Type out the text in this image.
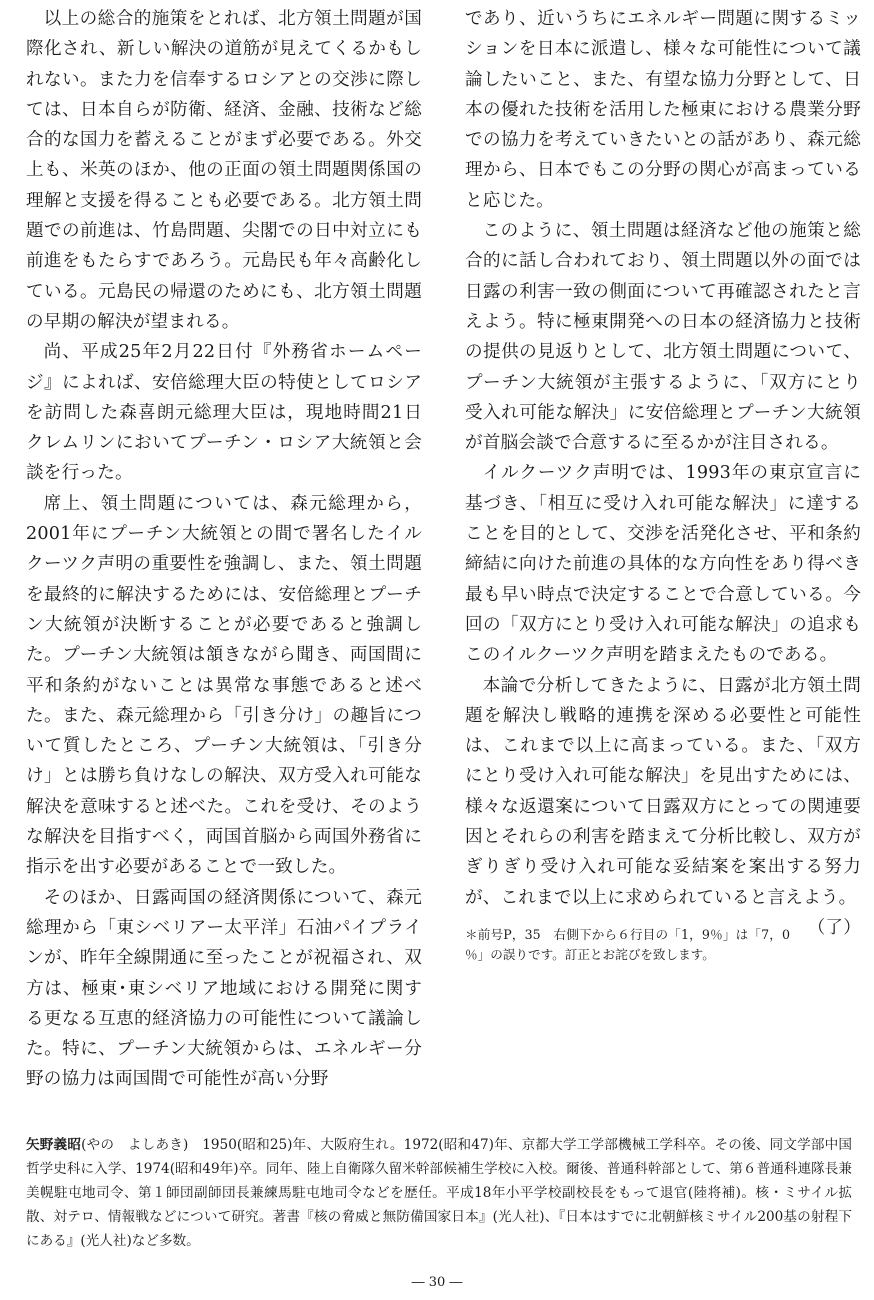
以上の総合的施策をとれば、北方領土問題が国際化され、新しい解決の道筋が見えてくるかもしれない。また力を信奉するロシアとの交渉に際しては、日本自らが防衛、経済、金融、技術など総合的な国力を蓄えることがまず必要である。外交上も、米英のほか、他の正面の領土問題関係国の理解と支援を得ることも必要である。北方領土問題での前進は、竹島問題、尖閣での日中対立にも前進をもたらすであろう。元島民も年々高齢化している。元島民の帰還のためにも、北方領土問題の早期の解決が望まれる。

尚、平成25年2月22日付『外務省ホームページ』によれば、安倍総理大臣の特使としてロシアを訪問した森喜朗元総理大臣は，現地時間21日クレムリンにおいてプーチン・ロシア大統領と会談を行った。

席上、領土問題については、森元総理から，2001年にプーチン大統領との間で署名したイルクーツク声明の重要性を強調し、また、領土問題を最終的に解決するためには、安倍総理とプーチン大統領が決断することが必要であると強調した。プーチン大統領は頷きながら聞き、両国間に平和条約がないことは異常な事態であると述べた。また、森元総理から「引き分け」の趣旨について質したところ、プーチン大統領は、「引き分け」とは勝ち負けなしの解決、双方受入れ可能な解決を意味すると述べた。これを受け、そのような解決を目指すべく，両国首脳から両国外務省に指示を出す必要があることで一致した。

そのほか、日露両国の経済関係について、森元総理から「東シベリアー太平洋」石油パイプラインが、昨年全線開通に至ったことが祝福され、双方は、極東･東シベリア地域における開発に関する更なる互恵的経済協力の可能性について議論した。特に、プーチン大統領からは、エネルギー分野の協力は両国間で可能性が高い分野

であり、近いうちにエネルギー問題に関するミッションを日本に派遣し、様々な可能性について議論したいこと、また、有望な協力分野として、日本の優れた技術を活用した極東における農業分野での協力を考えていきたいとの話があり、森元総理から、日本でもこの分野の関心が高まっていると応じた。

このように、領土問題は経済など他の施策と総合的に話し合われており、領土問題以外の面では日露の利害一致の側面について再確認されたと言えよう。特に極東開発への日本の経済協力と技術の提供の見返りとして、北方領土問題について、プーチン大統領が主張するように、「双方にとり受入れ可能な解決」に安倍総理とプーチン大統領が首脳会談で合意するに至るかが注目される。

イルクーツク声明では、1993年の東京宣言に基づき、「相互に受け入れ可能な解決」に達することを目的として、交渉を活発化させ、平和条約締結に向けた前進の具体的な方向性をあり得べき最も早い時点で決定することで合意している。今回の「双方にとり受け入れ可能な解決」の追求もこのイルクーツク声明を踏まえたものである。

本論で分析してきたように、日露が北方領土問題を解決し戦略的連携を深める必要性と可能性は、これまで以上に高まっている。また、「双方にとり受け入れ可能な解決」を見出すためには、様々な返還案について日露双方にとっての関連要因とそれらの利害を踏まえて分析比較し、双方がぎりぎり受け入れ可能な妥結案を案出する努力が、これまで以上に求められていると言えよう。
（了）

＊前号P，35　右側下から６行目の「1，9％」は「7，0　％」の誤りです。訂正とお詫びを致します。
矢野義昭(やの　よしあき)　1950(昭和25)年、大阪府生れ。1972(昭和47)年、京都大学工学部機械工学科卒。その後、同文学部中国哲学史科に入学、1974(昭和49年)卒。同年、陸上自衛隊久留米幹部候補生学校に入校。爾後、普通科幹部として、第６普通科連隊長兼美幌駐屯地司令、第１師団副師団長兼練馬駐屯地司令などを歴任。平成18年小平学校副校長をもって退官(陸将補)。核・ミサイル拡散、対テロ、情報戦などについて研究。著書『核の脅威と無防備国家日本』(光人社)、『日本はすでに北朝鮮核ミサイル200基の射程下にある』(光人社)など多数。
― 30 ―
